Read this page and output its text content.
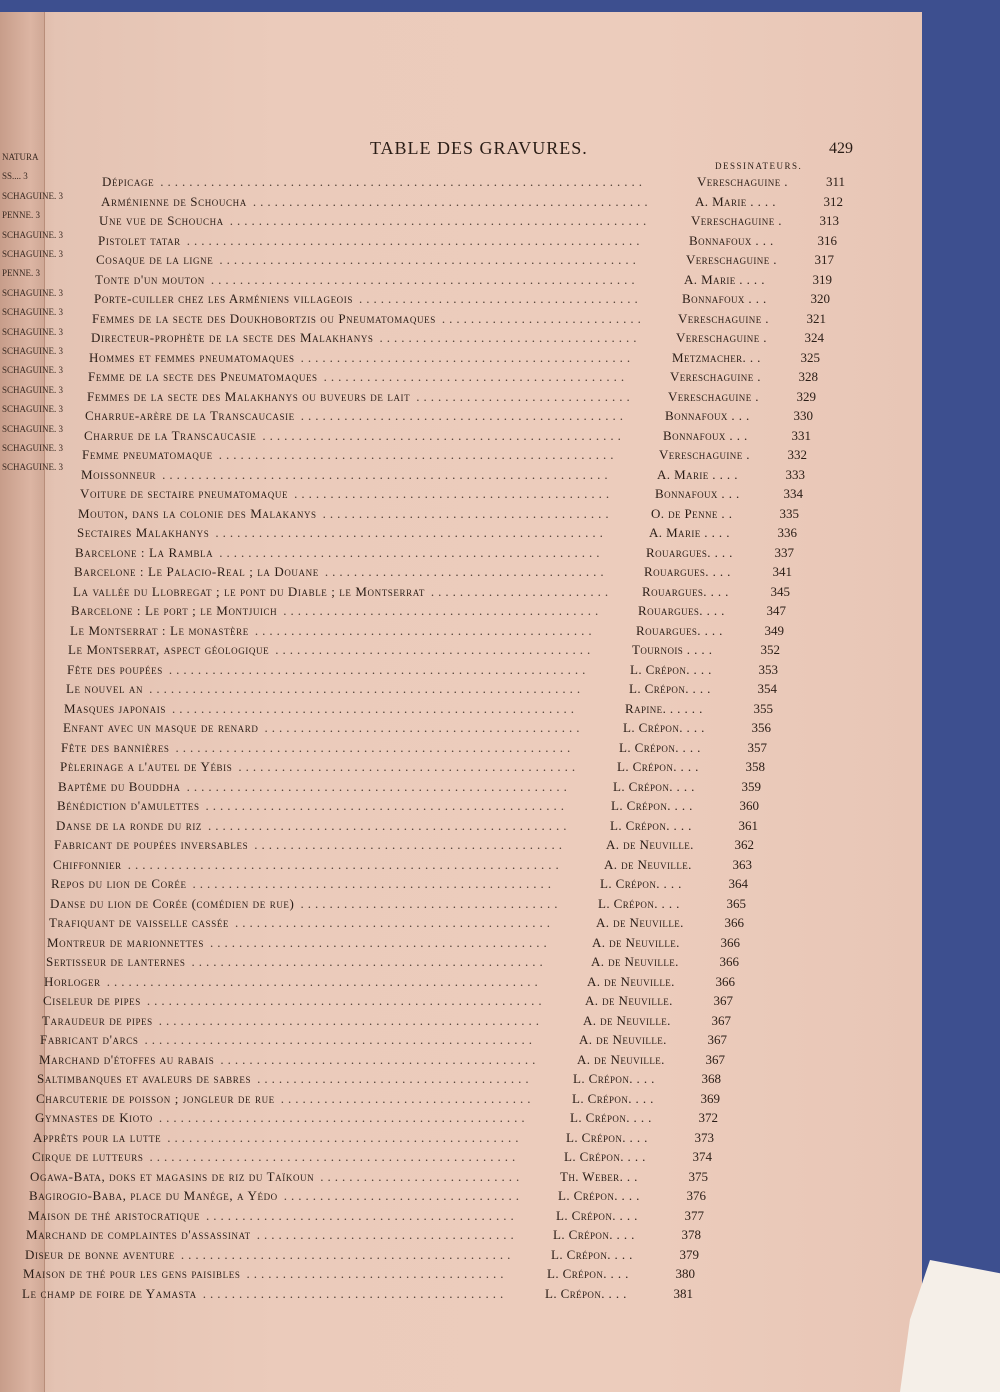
TABLE DES GRAVURES.	429
DESSINATEURS.
Dépicage ...................................................................	Vereschaguine .	311
Arménienne de Schoucha .......................................................	A. Marie . . . .	312
Une vue de Schoucha ..........................................................	Vereschaguine .	313
Pistolet tatar ...............................................................	Bonnafoux . . .	316
Cosaque de la ligne ..........................................................	Vereschaguine .	317
Tonte d'un mouton ...........................................................	A. Marie . . . .	319
Porte-cuiller chez les Arméniens villageois .......................................	Bonnafoux . . .	320
Femmes de la secte des Doukhobortzis ou Pneumatomaques ............................	Vereschaguine .	321
Directeur-prophète de la secte des Malakhanys ....................................	Vereschaguine .	324
Hommes et femmes pneumatomaques ..............................................	Metzmacher. . .	325
Femme de la secte des Pneumatomaques ..........................................	Vereschaguine .	328
Femmes de la secte des Malakhanys ou buveurs de lait ..............................	Vereschaguine .	329
Charrue-arère de la Transcaucasie .............................................	Bonnafoux . . .	330
Charrue de la Transcaucasie ..................................................	Bonnafoux . . .	331
Femme pneumatomaque .......................................................	Vereschaguine .	332
Moissonneur ..............................................................	A. Marie . . . .	333
Voiture de sectaire pneumatomaque ............................................	Bonnafoux . . .	334
Mouton, dans la colonie des Malakanys ........................................	O. de Penne . .	335
Sectaires Malakhanys ......................................................	A. Marie . . . .	336
Barcelone : La Rambla .....................................................	Rouargues. . . .	337
Barcelone : Le Palacio-Real ; la Douane .......................................	Rouargues. . . .	341
La vallée du Llobregat ; le pont du Diable ; le Montserrat .........................	Rouargues. . . .	345
Barcelone : Le port ; le Montjuich ............................................	Rouargues. . . .	347
Le Montserrat : Le monastère ...............................................	Rouargues. . . .	349
Le Montserrat, aspect géologique ............................................	Tournois . . . .	352
Fête des poupées ..........................................................	L. Crépon. . . .	353
Le nouvel an ............................................................	L. Crépon. . . .	354
Masques japonais ........................................................	Rapine. . . . . .	355
Enfant avec un masque de renard ............................................	L. Crépon. . . .	356
Fête des bannières .......................................................	L. Crépon. . . .	357
Pèlerinage a l'autel de Yébis ...............................................	L. Crépon. . . .	358
Baptême du Bouddha .....................................................	L. Crépon. . . .	359
Bénédiction d'amulettes ..................................................	L. Crépon. . . .	360
Danse de la ronde du riz ..................................................	L. Crépon. . . .	361
Fabricant de poupées inversables ...........................................	A. de Neuville.	362
Chiffonnier ............................................................	A. de Neuville.	363
Repos du lion de Corée ..................................................	L. Crépon. . . .	364
Danse du lion de Corée (comédien de rue) ....................................	L. Crépon. . . .	365
Trafiquant de vaisselle cassée ............................................	A. de Neuville.	366
Montreur de marionnettes ...............................................	A. de Neuville.	366
Sertisseur de lanternes .................................................	A. de Neuville.	366
Horloger ............................................................	A. de Neuville.	366
Ciseleur de pipes .......................................................	A. de Neuville.	367
Taraudeur de pipes .....................................................	A. de Neuville.	367
Fabricant d'arcs ......................................................	A. de Neuville.	367
Marchand d'étoffes au rabais ............................................	A. de Neuville.	367
Saltimbanques et avaleurs de sabres ......................................	L. Crépon. . . .	368
Charcuterie de poisson ; jongleur de rue ...................................	L. Crépon. . . .	369
Gymnastes de Kioto ...................................................	L. Crépon. . . .	372
Apprêts pour la lutte .................................................	L. Crépon. . . .	373
Cirque de lutteurs ...................................................	L. Crépon. . . .	374
Ogawa-Bata, doks et magasins de riz du Taïkoun ............................	Th. Weber. . .	375
Bagirogio-Baba, place du Manége, a Yédo .................................	L. Crépon. . . .	376
Maison de thé aristocratique ...........................................	L. Crépon. . . .	377
Marchand de complaintes d'assassinat ....................................	L. Crépon. . . .	378
Diseur de bonne aventure ..............................................	L. Crépon. . . .	379
Maison de thé pour les gens paisibles ....................................	L. Crépon. . . .	380
Le champ de foire de Yamasta ..........................................	L. Crépon. . . .	381
NATURA
SS.... 3
SCHAGUINE. 3
PENNE. 3
SCHAGUINE. 3
SCHAGUINE. 3
PENNE. 3
SCHAGUINE. 3
SCHAGUINE. 3
SCHAGUINE. 3
SCHAGUINE. 3
SCHAGUINE. 3
SCHAGUINE. 3
SCHAGUINE. 3
SCHAGUINE. 3
SCHAGUINE. 3
SCHAGUINE. 3
